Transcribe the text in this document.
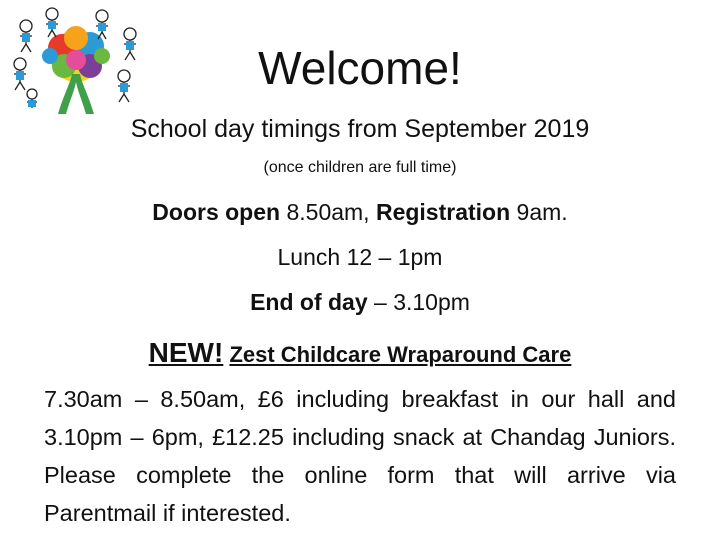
Welcome!

School day timings from September 2019

(once children are full time)

Doors open 8.50am, Registration 9am.

Lunch 12 – 1pm

End of day – 3.10pm

NEW! Zest Childcare Wraparound Care

7.30am – 8.50am, £6 including breakfast in our hall and 3.10pm – 6pm, £12.25 including snack at Chandag Juniors. Please complete the online form that will arrive via Parentmail if interested.
